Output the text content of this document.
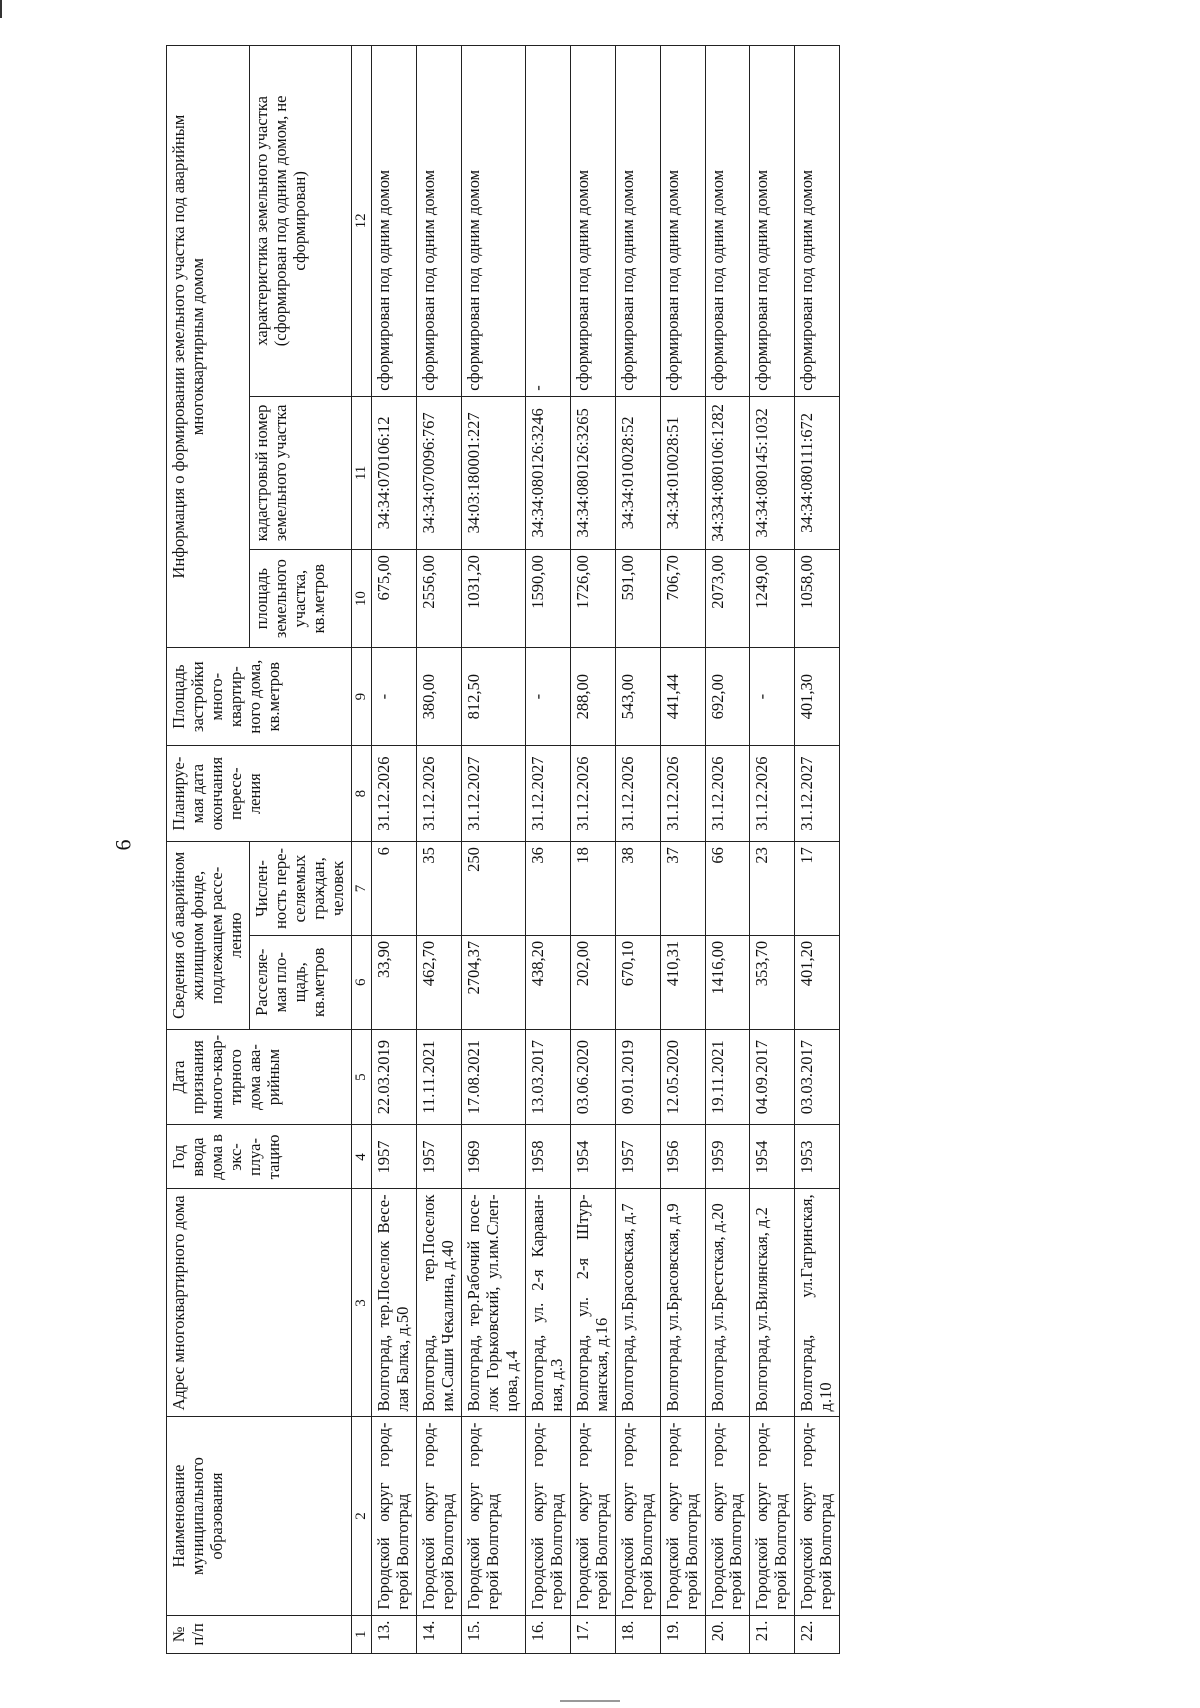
6
№ п/п	Наименование муниципального образования	Адрес многоквартирного дома	Год ввода дома в экс-плуа-тацию	Дата признания много-квар-тирного дома ава-рийным	Сведения об аварийном жилищном фонде, подлежащем рассе-лению		Планируе-мая дата окончания пересе-ления	Площадь застройки много-квартир-ного дома, кв.метров	Информация о формировании земельного участка под аварийным многоквартирным домом		
					Расселяе-мая пло-щадь, кв.метров	Числен-ность пере-селяемых граждан, человек			площадь земельного участка, кв.метров	кадастровый номер земельного участка	характеристика земельного участка (сформирован под одним домом, не сформирован)
1	2	3	4	5	6	7	8	9	10	11	12
13.	Городской округ город-герой Волгоград	Волгоград, тер.Поселок Весе-лая Балка, д.50	1957	22.03.2019	33,90	6	31.12.2026	-	675,00	34:34:070106:12	сформирован под одним домом
14.	Городской округ город-герой Волгоград	Волгоград, тер.Поселок им.Саши Чекалина, д.40	1957	11.11.2021	462,70	35	31.12.2026	380,00	2556,00	34:34:070096:767	сформирован под одним домом
15.	Городской округ город-герой Волгоград	Волгоград, тер.Рабочий посе-лок Горьковский, ул.им.Слеп-цова, д.4	1969	17.08.2021	2704,37	250	31.12.2027	812,50	1031,20	34:03:180001:227	сформирован под одним домом
16.	Городской округ город-герой Волгоград	Волгоград, ул. 2-я Караван-ная, д.3	1958	13.03.2017	438,20	36	31.12.2027	-	1590,00	34:34:080126:3246	-
17.	Городской округ город-герой Волгоград	Волгоград, ул. 2-я Штур-манская, д.16	1954	03.06.2020	202,00	18	31.12.2026	288,00	1726,00	34:34:080126:3265	сформирован под одним домом
18.	Городской округ город-герой Волгоград	Волгоград, ул.Брасовская, д.7	1957	09.01.2019	670,10	38	31.12.2026	543,00	591,00	34:34:010028:52	сформирован под одним домом
19.	Городской округ город-герой Волгоград	Волгоград, ул.Брасовская, д.9	1956	12.05.2020	410,31	37	31.12.2026	441,44	706,70	34:34:010028:51	сформирован под одним домом
20.	Городской округ город-герой Волгоград	Волгоград, ул.Брестская, д.20	1959	19.11.2021	1416,00	66	31.12.2026	692,00	2073,00	34:334:080106:1282	сформирован под одним домом
21.	Городской округ город-герой Волгоград	Волгоград, ул.Вилянская, д.2	1954	04.09.2017	353,70	23	31.12.2026	-	1249,00	34:34:080145:1032	сформирован под одним домом
22.	Городской округ город-герой Волгоград	Волгоград, ул.Гагринская, д.10	1953	03.03.2017	401,20	17	31.12.2027	401,30	1058,00	34:34:080111:672	сформирован под одним домом
